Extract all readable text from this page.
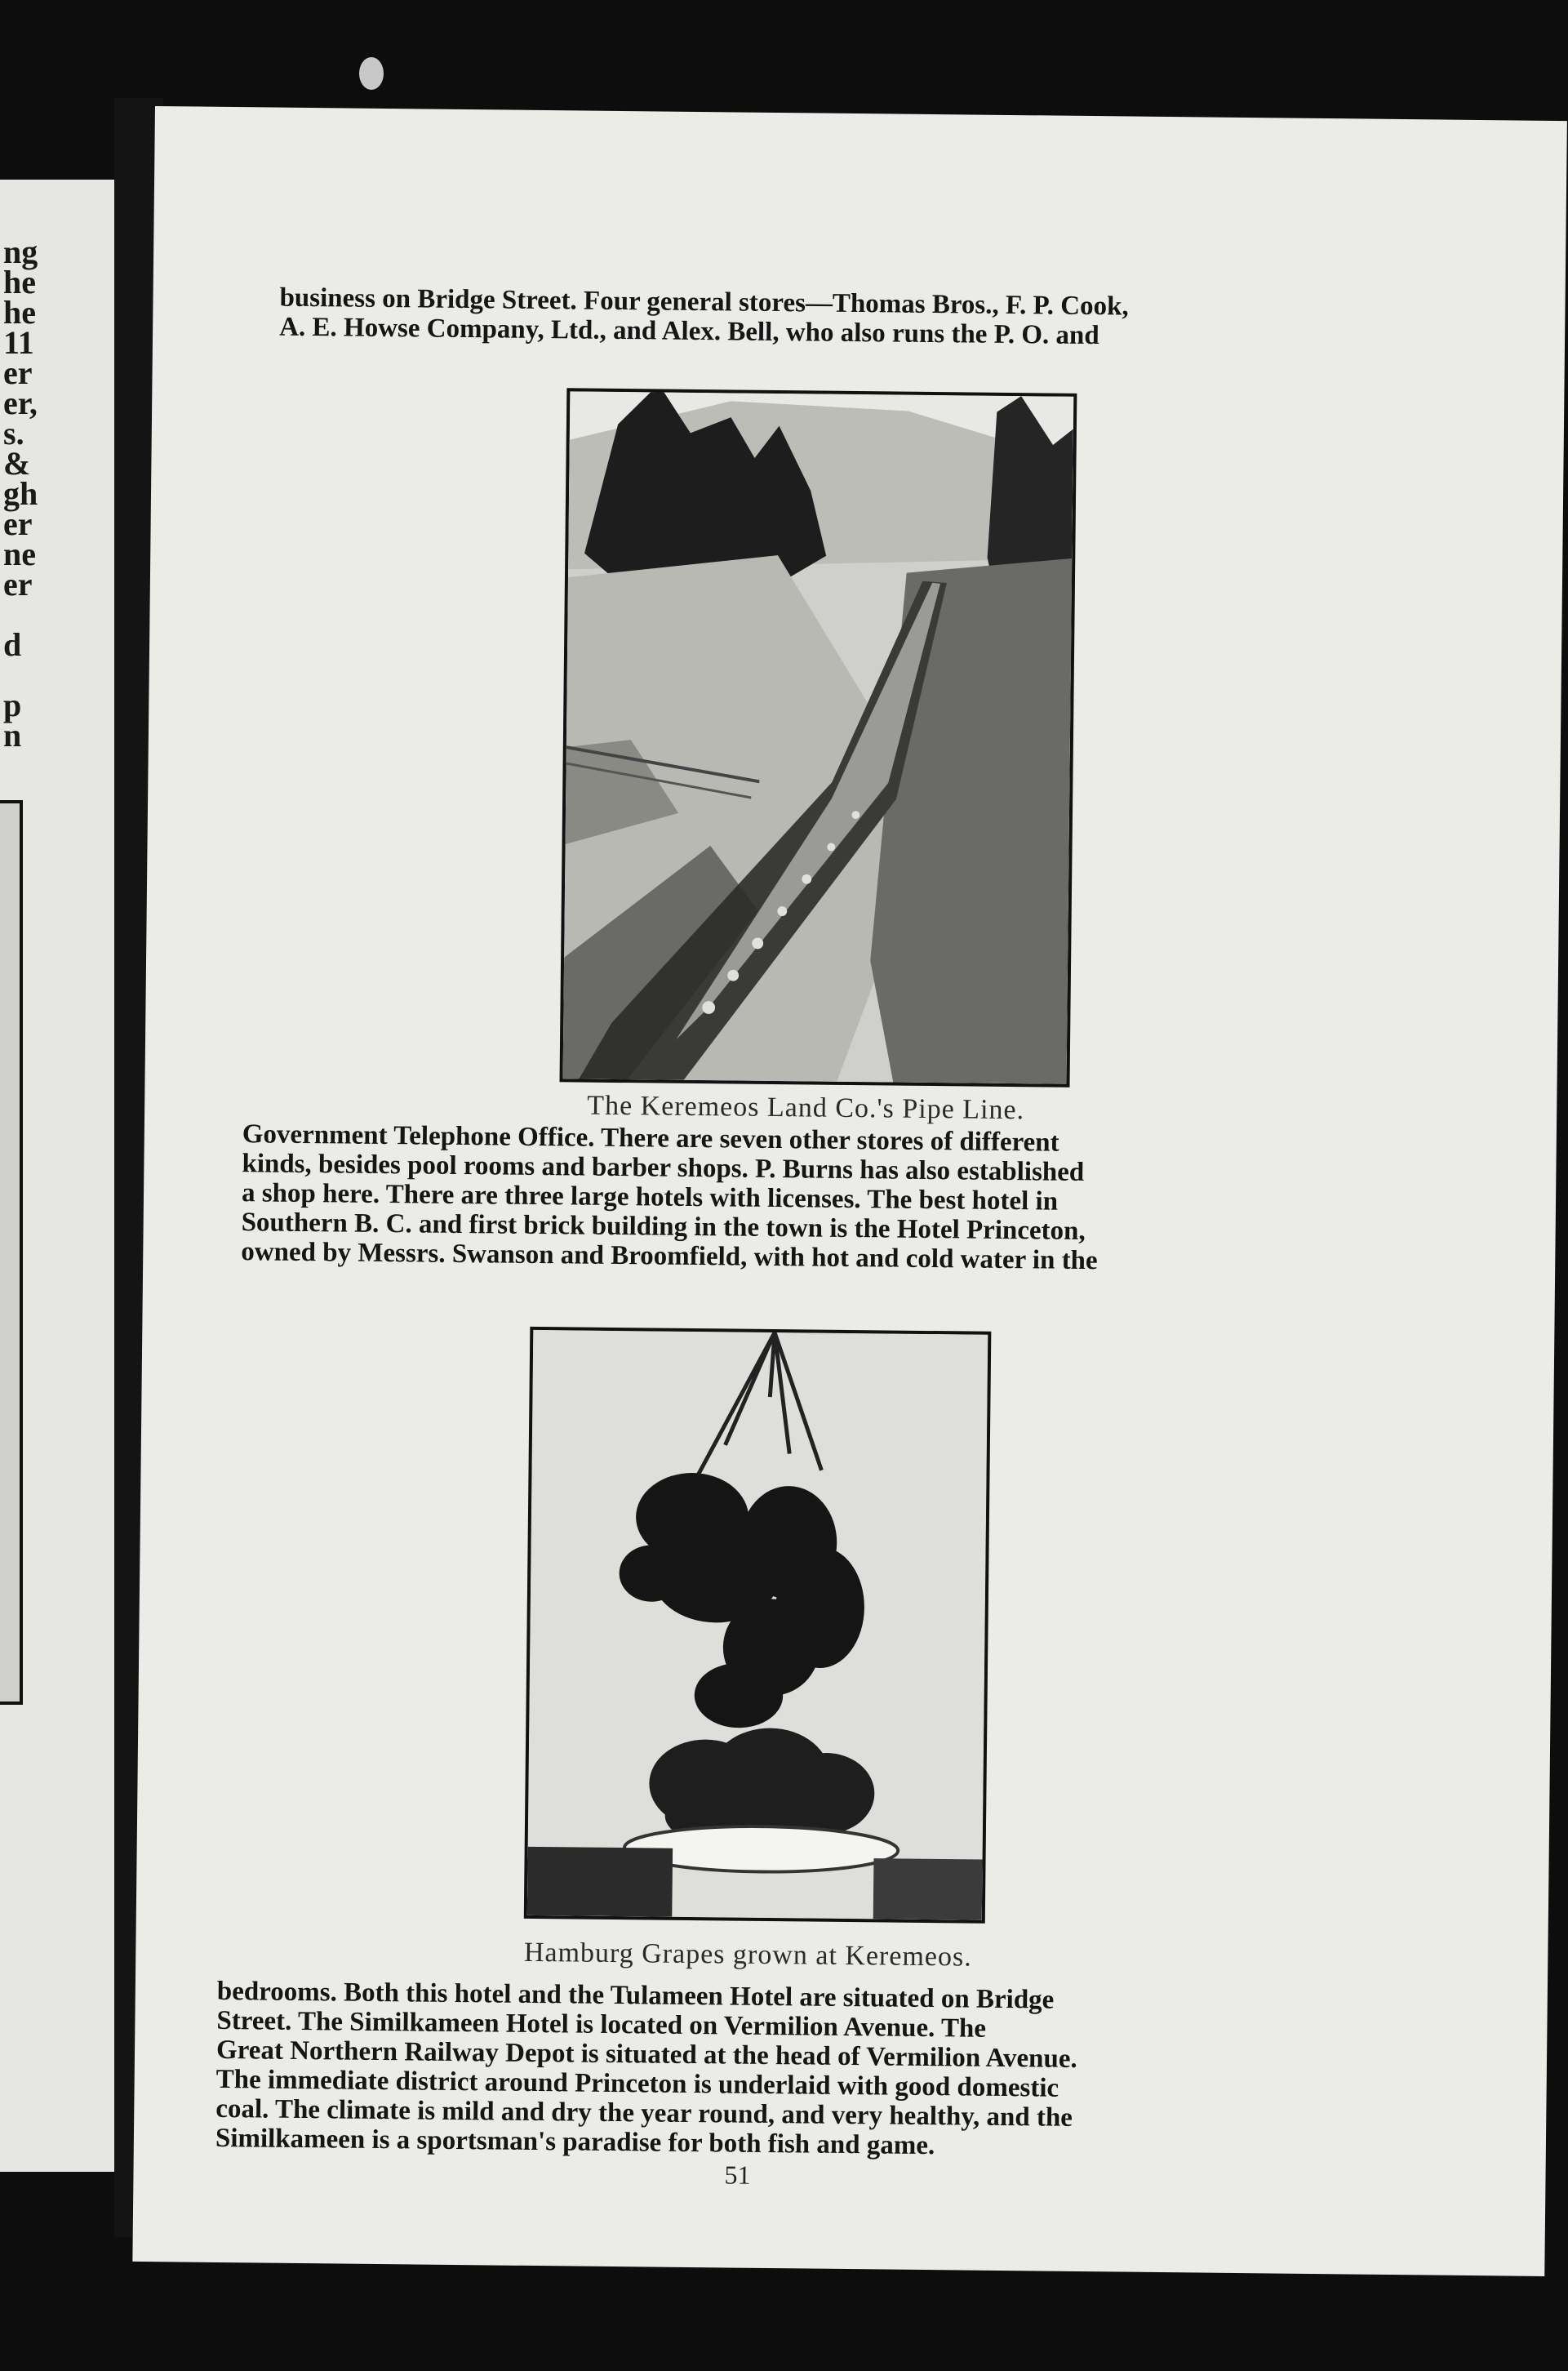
ng
he
he
11
er
er,
s.
&
gh
er
ne
er
d
p
n
business on Bridge Street. Four general stores—Thomas Bros., F. P. Cook,
A. E. Howse Company, Ltd., and Alex. Bell, who also runs the P. O. and
The Keremeos Land Co.'s Pipe Line.
Government Telephone Office. There are seven other stores of different
kinds, besides pool rooms and barber shops. P. Burns has also established
a shop here. There are three large hotels with licenses. The best hotel in
Southern B. C. and first brick building in the town is the Hotel Princeton,
owned by Messrs. Swanson and Broomfield, with hot and cold water in the
Hamburg Grapes grown at Keremeos.
bedrooms. Both this hotel and the Tulameen Hotel are situated on Bridge
Street. The Similkameen Hotel is located on Vermilion Avenue. The
Great Northern Railway Depot is situated at the head of Vermilion Avenue.
The immediate district around Princeton is underlaid with good domestic
coal. The climate is mild and dry the year round, and very healthy, and the
Similkameen is a sportsman's paradise for both fish and game.
51
